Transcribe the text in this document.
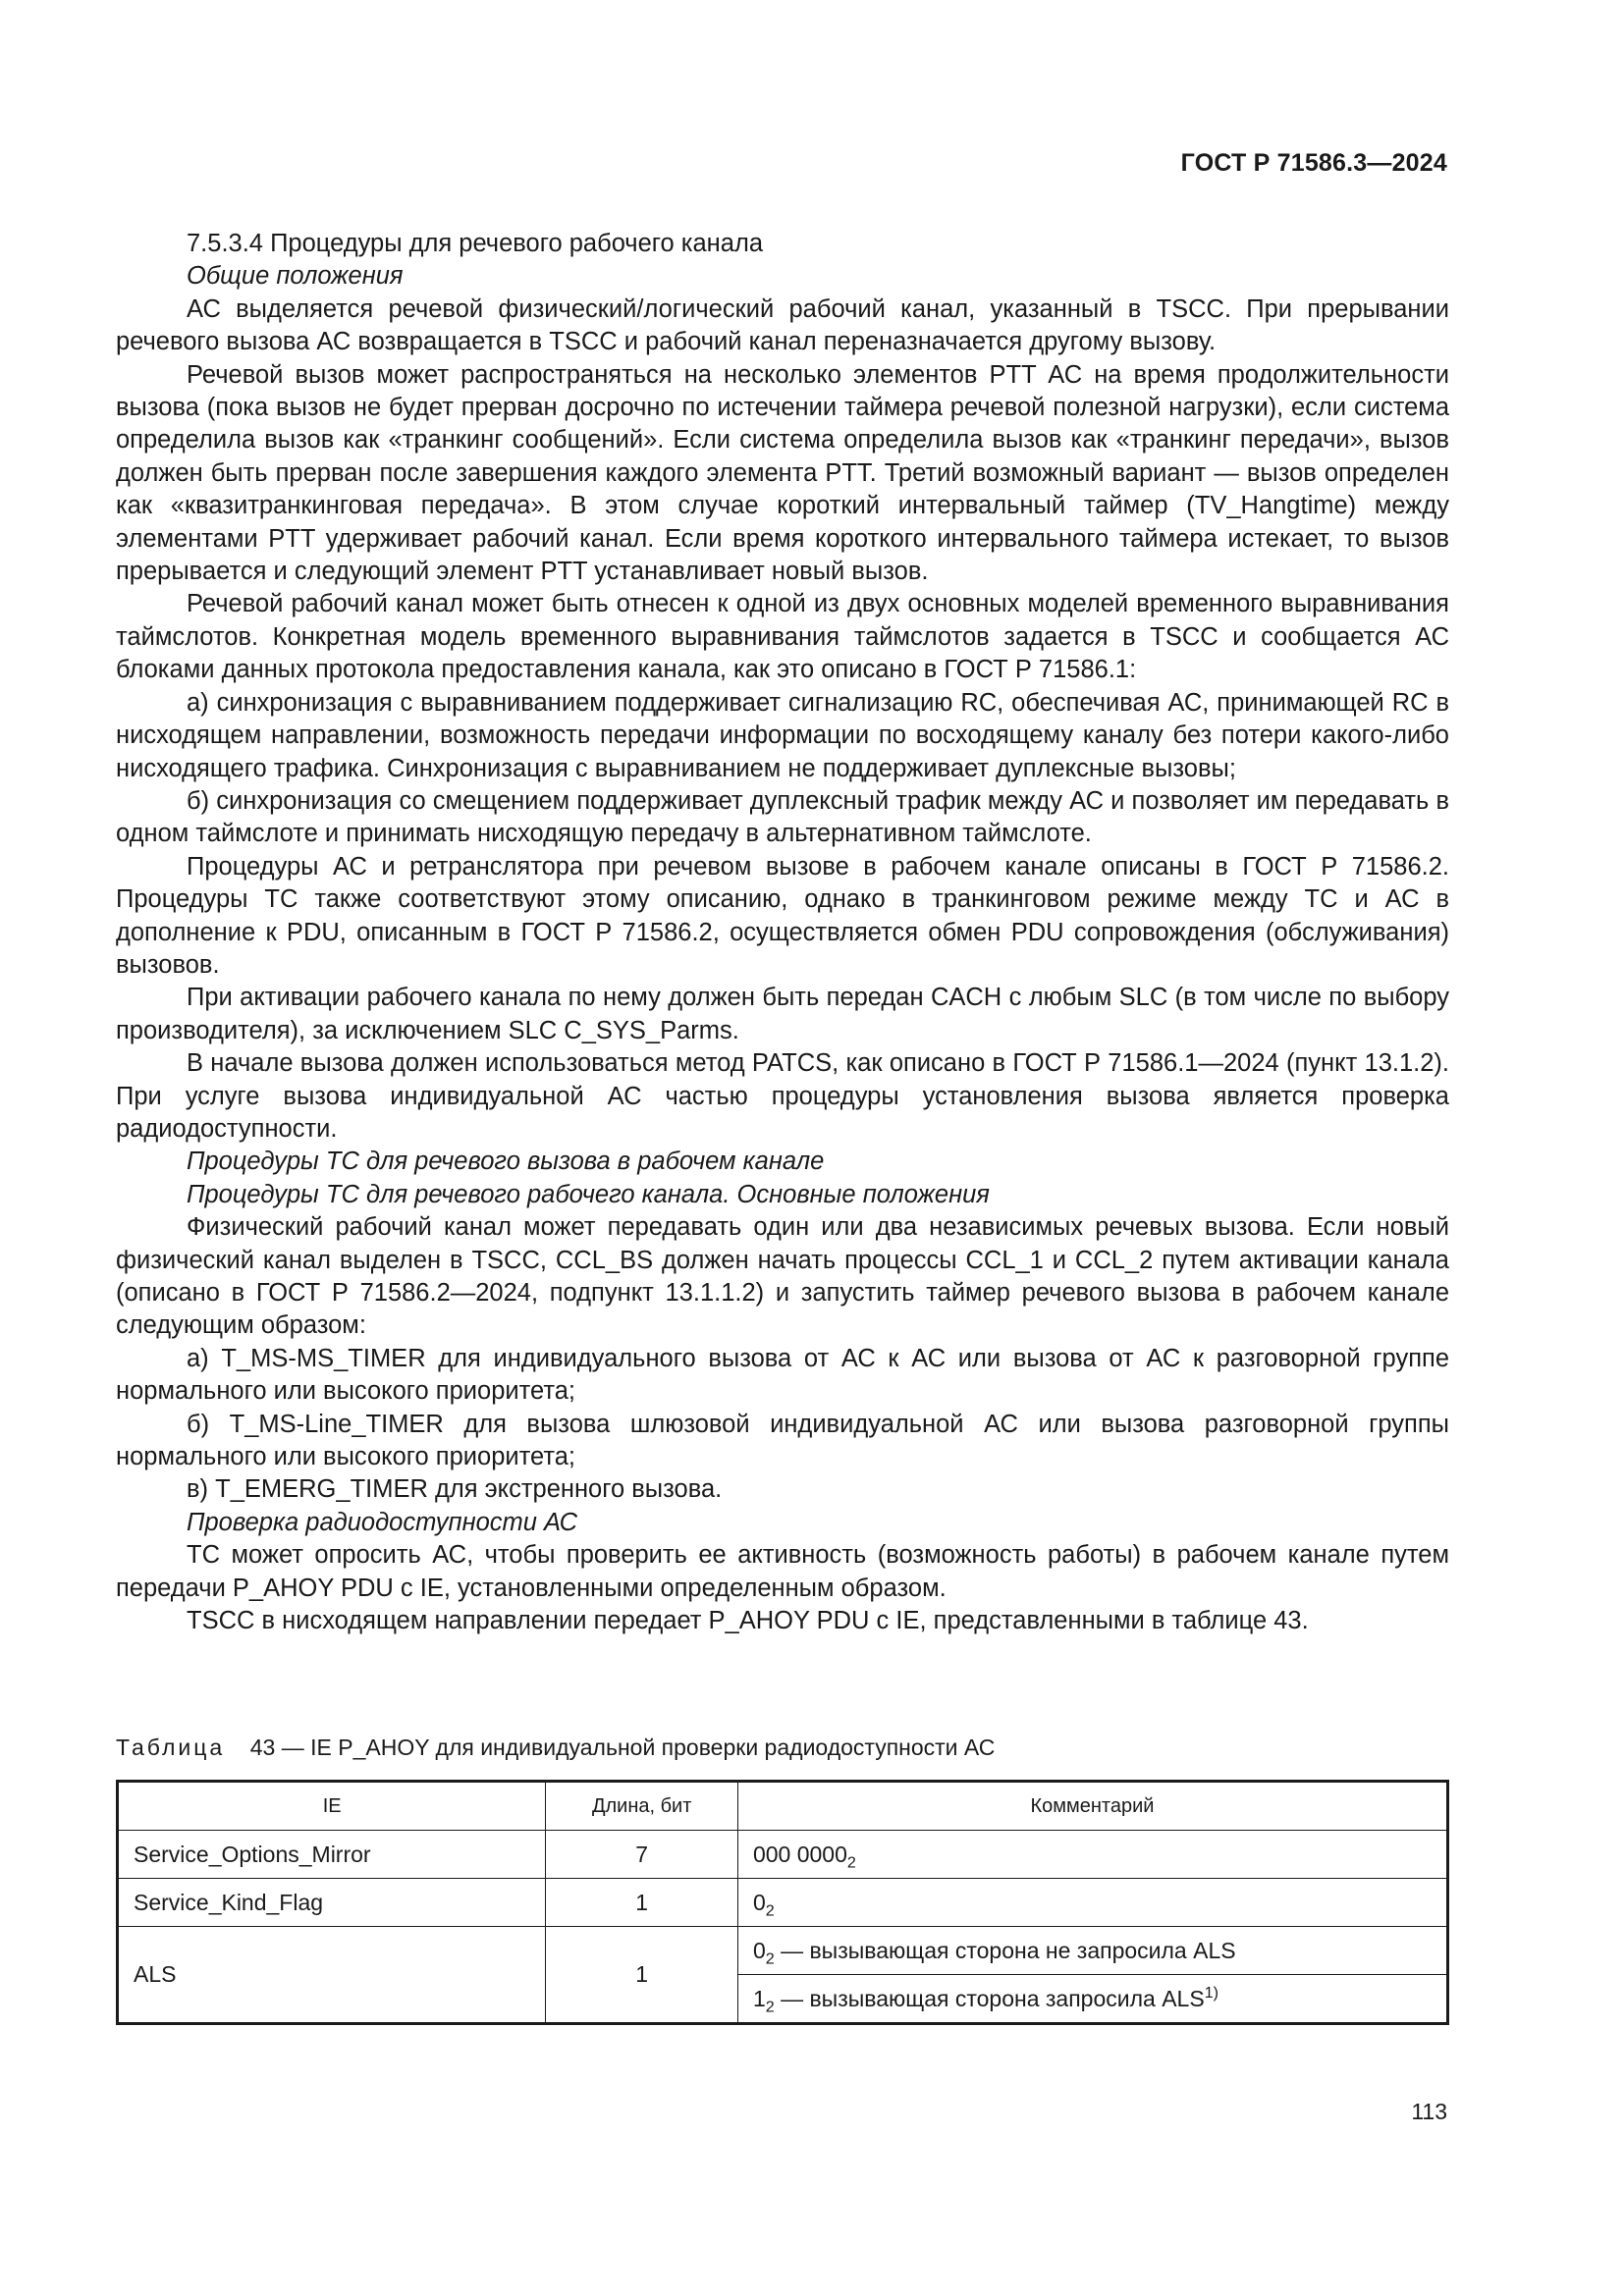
ГОСТ Р 71586.3—2024

7.5.3.4 Процедуры для речевого рабочего канала

Общие положения

АС выделяется речевой физический/логический рабочий канал, указанный в TSCC. При прерывании речевого вызова АС возвращается в TSCC и рабочий канал переназначается другому вызову.

Речевой вызов может распространяться на несколько элементов PTT АС на время продолжительности вызова (пока вызов не будет прерван досрочно по истечении таймера речевой полезной нагрузки), если система определила вызов как «транкинг сообщений». Если система определила вызов как «транкинг передачи», вызов должен быть прерван после завершения каждого элемента PTT. Третий возможный вариант — вызов определен как «квазитранкинговая передача». В этом случае короткий интервальный таймер (TV_Hangtime) между элементами PTT удерживает рабочий канал. Если время короткого интервального таймера истекает, то вызов прерывается и следующий элемент PTT устанавливает новый вызов.

Речевой рабочий канал может быть отнесен к одной из двух основных моделей временного выравнивания таймслотов. Конкретная модель временного выравнивания таймслотов задается в TSCC и сообщается АС блоками данных протокола предоставления канала, как это описано в ГОСТ Р 71586.1:

а) синхронизация с выравниванием поддерживает сигнализацию RC, обеспечивая АС, принимающей RC в нисходящем направлении, возможность передачи информации по восходящему каналу без потери какого-либо нисходящего трафика. Синхронизация с выравниванием не поддерживает дуплексные вызовы;

б) синхронизация со смещением поддерживает дуплексный трафик между АС и позволяет им передавать в одном таймслоте и принимать нисходящую передачу в альтернативном таймслоте.

Процедуры АС и ретранслятора при речевом вызове в рабочем канале описаны в ГОСТ Р 71586.2. Процедуры ТС также соответствуют этому описанию, однако в транкинговом режиме между ТС и АС в дополнение к PDU, описанным в ГОСТ Р 71586.2, осуществляется обмен PDU сопровождения (обслуживания) вызовов.

При активации рабочего канала по нему должен быть передан CACH с любым SLC (в том числе по выбору производителя), за исключением SLC C_SYS_Parms.

В начале вызова должен использоваться метод PATCS, как описано в ГОСТ Р 71586.1—2024 (пункт 13.1.2). При услуге вызова индивидуальной АС частью процедуры установления вызова является проверка радиодоступности.

Процедуры ТС для речевого вызова в рабочем канале

Процедуры ТС для речевого рабочего канала. Основные положения

Физический рабочий канал может передавать один или два независимых речевых вызова. Если новый физический канал выделен в TSCC, CCL_BS должен начать процессы CCL_1 и CCL_2 путем активации канала (описано в ГОСТ Р 71586.2—2024, подпункт 13.1.1.2) и запустить таймер речевого вызова в рабочем канале следующим образом:

а) T_MS-MS_TIMER для индивидуального вызова от АС к АС или вызова от АС к разговорной группе нормального или высокого приоритета;

б) T_MS-Line_TIMER для вызова шлюзовой индивидуальной АС или вызова разговорной группы нормального или высокого приоритета;

в) T_EMERG_TIMER для экстренного вызова.

Проверка радиодоступности АС

ТС может опросить АС, чтобы проверить ее активность (возможность работы) в рабочем канале путем передачи P_AHOY PDU с IE, установленными определенным образом.

TSCC в нисходящем направлении передает P_AHOY PDU с IE, представленными в таблице 43.

Таблица 43 — IE P_AHOY для индивидуальной проверки радиодоступности АС
IE	Длина, бит	Комментарий
Service_Options_Mirror	7	000 $0000_2$
Service_Kind_Flag	1	$0_2$
ALS	1	$0_2$ — вызывающая сторона не запросила ALS
		$1_2$ — вызывающая сторона запросила ALS$^{1)}$
113
